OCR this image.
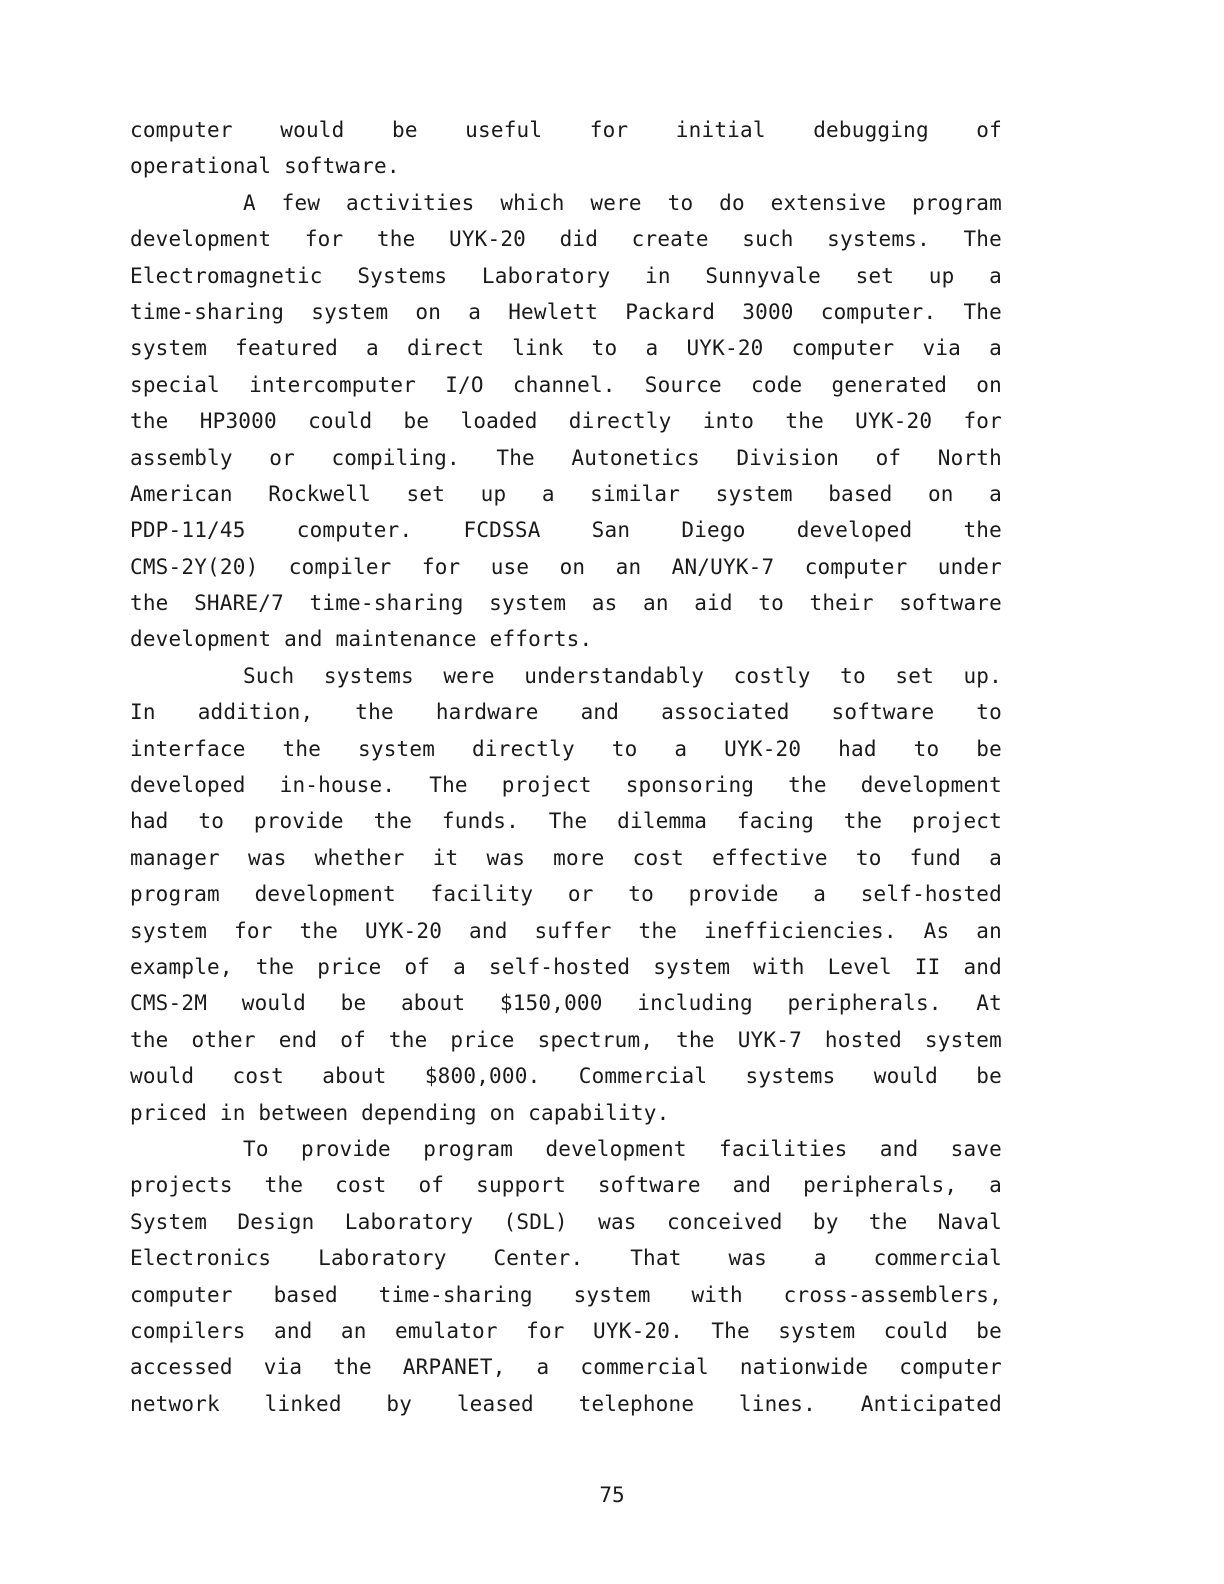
computer would be useful for initial debugging of
operational software.
A few activities which were to do extensive program
development for the UYK-20 did create such systems. The
Electromagnetic Systems Laboratory in Sunnyvale set up a
time-sharing system on a Hewlett Packard 3000 computer. The
system featured a direct link to a UYK-20 computer via a
special intercomputer I/O channel. Source code generated on
the HP3000 could be loaded directly into the UYK-20 for
assembly or compiling. The Autonetics Division of North
American Rockwell set up a similar system based on a
PDP-11/45 computer. FCDSSA San Diego developed the
CMS-2Y(20) compiler for use on an AN/UYK-7 computer under
the SHARE/7 time-sharing system as an aid to their software
development and maintenance efforts.
Such systems were understandably costly to set up.
In addition, the hardware and associated software to
interface the system directly to a UYK-20 had to be
developed in-house. The project sponsoring the development
had to provide the funds. The dilemma facing the project
manager was whether it was more cost effective to fund a
program development facility or to provide a self-hosted
system for the UYK-20 and suffer the inefficiencies. As an
example, the price of a self-hosted system with Level II and
CMS-2M would be about $150,000 including peripherals. At
the other end of the price spectrum, the UYK-7 hosted system
would cost about $800,000. Commercial systems would be
priced in between depending on capability.
To provide program development facilities and save
projects the cost of support software and peripherals, a
System Design Laboratory (SDL) was conceived by the Naval
Electronics Laboratory Center. That was a commercial
computer based time-sharing system with cross-assemblers,
compilers and an emulator for UYK-20. The system could be
accessed via the ARPANET, a commercial nationwide computer
network linked by leased telephone lines. Anticipated
75
